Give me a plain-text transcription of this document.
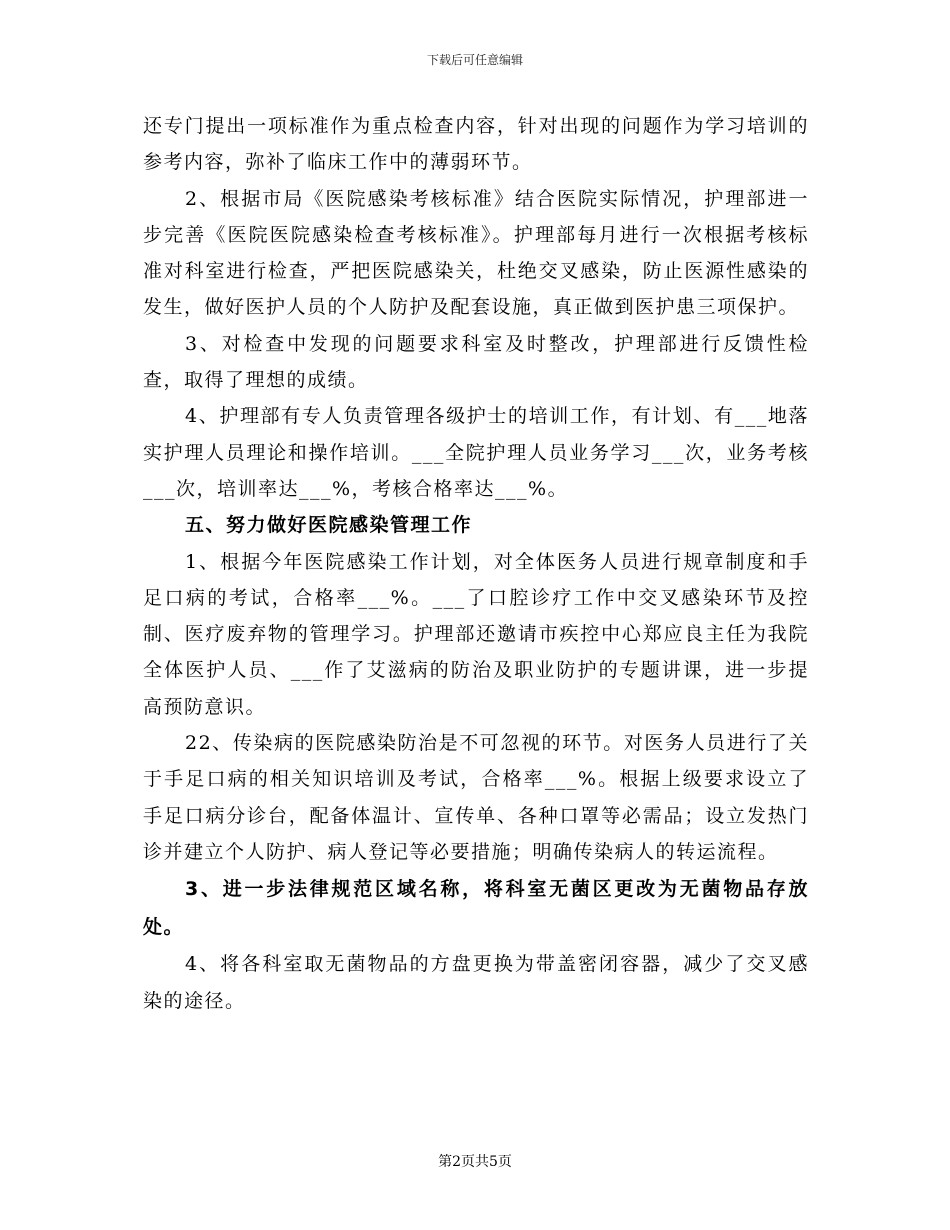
下载后可任意编辑

还专门提出一项标准作为重点检查内容，针对出现的问题作为学习培训的参考内容，弥补了临床工作中的薄弱环节。

2、根据市局《医院感染考核标准》结合医院实际情况，护理部进一步完善《医院医院感染检查考核标准》。护理部每月进行一次根据考核标准对科室进行检查，严把医院感染关，杜绝交叉感染，防止医源性感染的发生，做好医护人员的个人防护及配套设施，真正做到医护患三项保护。

3、对检查中发现的问题要求科室及时整改，护理部进行反馈性检查，取得了理想的成绩。

4、护理部有专人负责管理各级护士的培训工作，有计划、有___地落实护理人员理论和操作培训。___全院护理人员业务学习___次，业务考核___次，培训率达___%，考核合格率达___%。

五、努力做好医院感染管理工作

1、根据今年医院感染工作计划，对全体医务人员进行规章制度和手足口病的考试，合格率___%。___了口腔诊疗工作中交叉感染环节及控制、医疗废弃物的管理学习。护理部还邀请市疾控中心郑应良主任为我院全体医护人员、___作了艾滋病的防治及职业防护的专题讲课，进一步提高预防意识。

22、传染病的医院感染防治是不可忽视的环节。对医务人员进行了关于手足口病的相关知识培训及考试，合格率___%。根据上级要求设立了手足口病分诊台，配备体温计、宣传单、各种口罩等必需品；设立发热门诊并建立个人防护、病人登记等必要措施；明确传染病人的转运流程。

3、进一步法律规范区域名称，将科室无菌区更改为无菌物品存放处。

4、将各科室取无菌物品的方盘更换为带盖密闭容器，减少了交叉感染的途径。

第2页共5页
